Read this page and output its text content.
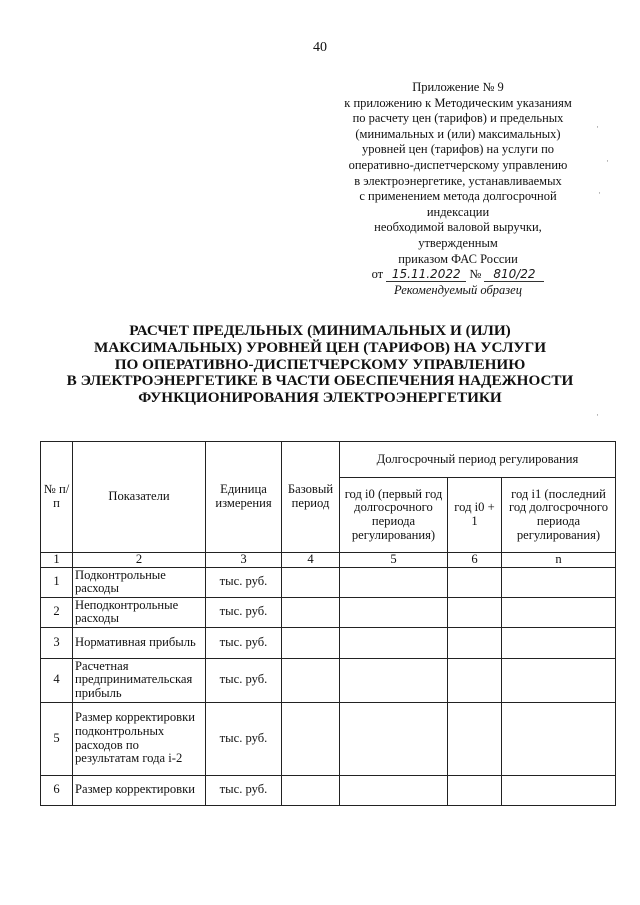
40
Приложение № 9
к приложению к Методическим указаниям
по расчету цен (тарифов) и предельных
(минимальных и (или) максимальных)
уровней цен (тарифов) на услуги по
оперативно-диспетчерскому управлению
в электроэнергетике, устанавливаемых
с применением метода долгосрочной
индексации
необходимой валовой выручки,
утвержденным
приказом ФАС России
от 15.11.2022 № 810/22
Рекомендуемый образец
РАСЧЕТ ПРЕДЕЛЬНЫХ (МИНИМАЛЬНЫХ И (ИЛИ)
МАКСИМАЛЬНЫХ) УРОВНЕЙ ЦЕН (ТАРИФОВ) НА УСЛУГИ
ПО ОПЕРАТИВНО-ДИСПЕТЧЕРСКОМУ УПРАВЛЕНИЮ
В ЭЛЕКТРОЭНЕРГЕТИКЕ В ЧАСТИ ОБЕСПЕЧЕНИЯ НАДЕЖНОСТИ
ФУНКЦИОНИРОВАНИЯ ЭЛЕКТРОЭНЕРГЕТИКИ
№ п/п	Показатели	Единица измерения	Базовый период	Долгосрочный период регулирования		
				год i0 (первый год долгосрочного периода регулирования)	год i0 + 1	год i1 (последний год долгосрочного периода регулирования)
1	2	3	4	5	6	n
1	Подконтрольные расходы	тыс. руб.				
2	Неподконтрольные расходы	тыс. руб.				
3	Нормативная прибыль	тыс. руб.				
4	Расчетная предпринимательская прибыль	тыс. руб.				
5	Размер корректировки подконтрольных расходов по результатам года i-2	тыс. руб.				
6	Размер корректировки	тыс. руб.				
·
·
·
·
